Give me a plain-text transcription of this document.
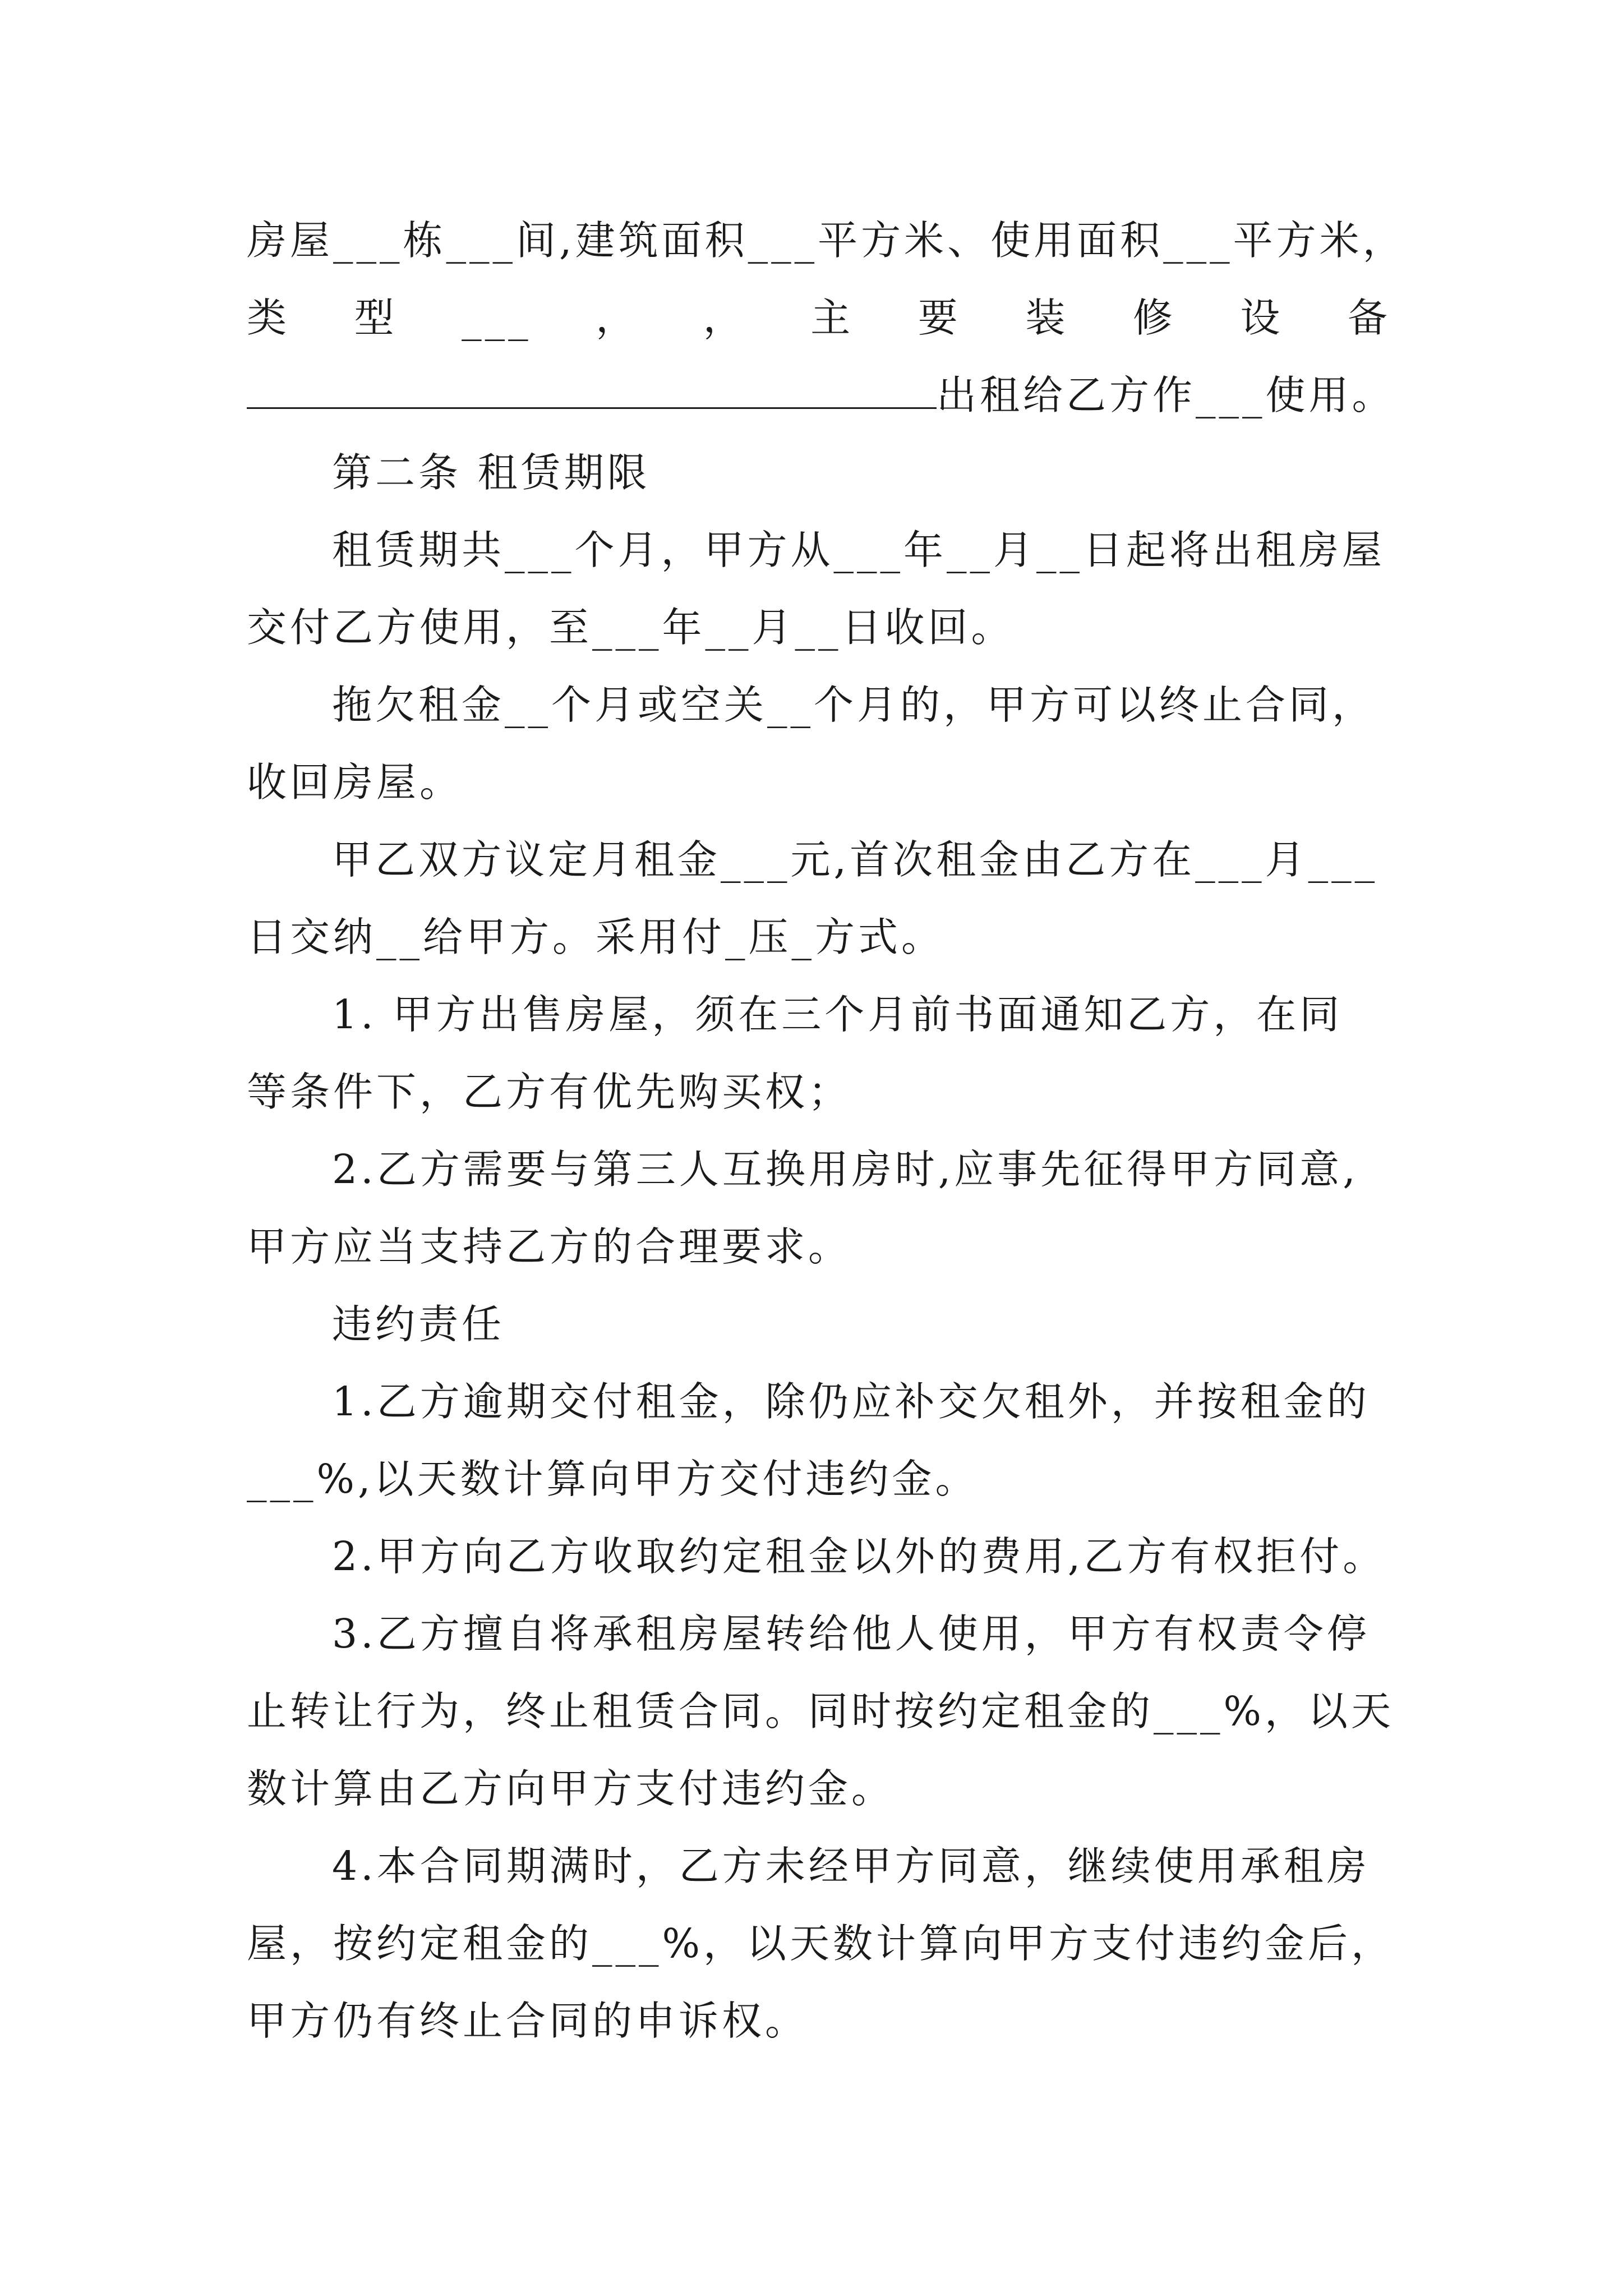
房屋___栋___间,建筑面积___平方米、使用面积___平方米，

类 型 ___ ， ， 主 要 装 修 设 备

出租给乙方作___使用。

第二条 租赁期限

租赁期共___个月，甲方从___年__月__日起将出租房屋

交付乙方使用，至___年__月__日收回。

拖欠租金__个月或空关__个月的，甲方可以终止合同，

收回房屋。

甲乙双方议定月租金___元,首次租金由乙方在___月___

日交纳__给甲方。采用付_压_方式。

1. 甲方出售房屋，须在三个月前书面通知乙方，在同

等条件下，乙方有优先购买权；

2.乙方需要与第三人互换用房时,应事先征得甲方同意,

甲方应当支持乙方的合理要求。

违约责任

1.乙方逾期交付租金，除仍应补交欠租外，并按租金的

___%,以天数计算向甲方交付违约金。

2.甲方向乙方收取约定租金以外的费用,乙方有权拒付。

3.乙方擅自将承租房屋转给他人使用，甲方有权责令停

止转让行为，终止租赁合同。同时按约定租金的___%，以天

数计算由乙方向甲方支付违约金。

4.本合同期满时，乙方未经甲方同意，继续使用承租房

屋，按约定租金的___%，以天数计算向甲方支付违约金后，

甲方仍有终止合同的申诉权。
